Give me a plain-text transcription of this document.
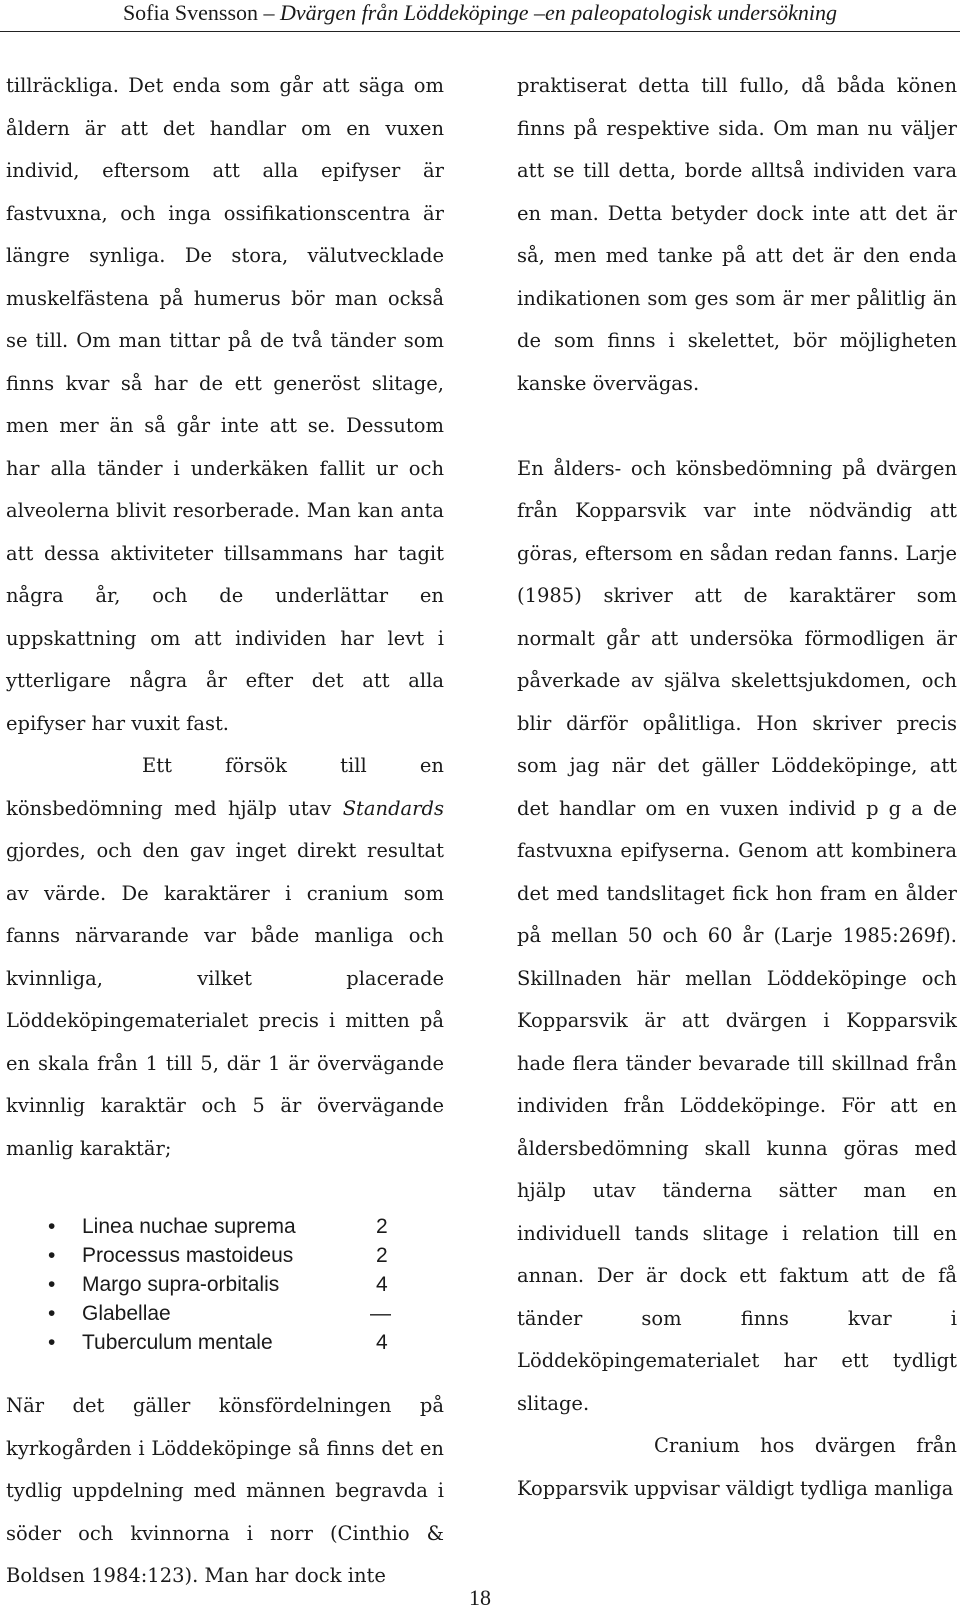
Sofia Svensson – Dvärgen från Löddeköpinge –en paleopatologisk undersökning

tillräckliga. Det enda som går att säga om åldern är att det handlar om en vuxen individ, eftersom att alla epifyser är fastvuxna, och inga ossifikationscentra är längre synliga. De stora, välutvecklade muskelfästena på humerus bör man också se till. Om man tittar på de två tänder som finns kvar så har de ett generöst slitage, men mer än så går inte att se. Dessutom har alla tänder i underkäken fallit ur och alveolerna blivit resorberade. Man kan anta att dessa aktiviteter tillsammans har tagit några år, och de underlättar en uppskattning om att individen har levt i ytterligare några år efter det att alla epifyser har vuxit fast.

Ett försök till en könsbedömning med hjälp utav Standards gjordes, och den gav inget direkt resultat av värde. De karaktärer i cranium som fanns närvarande var både manliga och kvinnliga, vilket placerade Löddeköpingematerialet precis i mitten på en skala från 1 till 5, där 1 är övervägande kvinnlig karaktär och 5 är övervägande manlig karaktär;

• Linea nuchae suprema	2
• Processus mastoideus	2
• Margo supra-orbitalis	4
• Glabellae	—
• Tuberculum mentale	4

När det gäller könsfördelningen på kyrkogården i Löddeköpinge så finns det en tydlig uppdelning med männen begravda i söder och kvinnorna i norr (Cinthio & Boldsen 1984:123). Man har dock inte

praktiserat detta till fullo, då båda könen finns på respektive sida. Om man nu väljer att se till detta, borde alltså individen vara en man. Detta betyder dock inte att det är så, men med tanke på att det är den enda indikationen som ges som är mer pålitlig än de som finns i skelettet, bör möjligheten kanske övervägas.

En ålders- och könsbedömning på dvärgen från Kopparsvik var inte nödvändig att göras, eftersom en sådan redan fanns. Larje (1985) skriver att de karaktärer som normalt går att undersöka förmodligen är påverkade av själva skelettsjukdomen, och blir därför opålitliga. Hon skriver precis som jag när det gäller Löddeköpinge, att det handlar om en vuxen individ p g a de fastvuxna epifyserna. Genom att kombinera det med tandslitaget fick hon fram en ålder på mellan 50 och 60 år (Larje 1985:269f). Skillnaden här mellan Löddeköpinge och Kopparsvik är att dvärgen i Kopparsvik hade flera tänder bevarade till skillnad från individen från Löddeköpinge. För att en åldersbedömning skall kunna göras med hjälp utav tänderna sätter man en individuell tands slitage i relation till en annan. Der är dock ett faktum att de få tänder som finns kvar i Löddeköpingematerialet har ett tydligt slitage.

Cranium hos dvärgen från Kopparsvik uppvisar väldigt tydliga manliga

18
